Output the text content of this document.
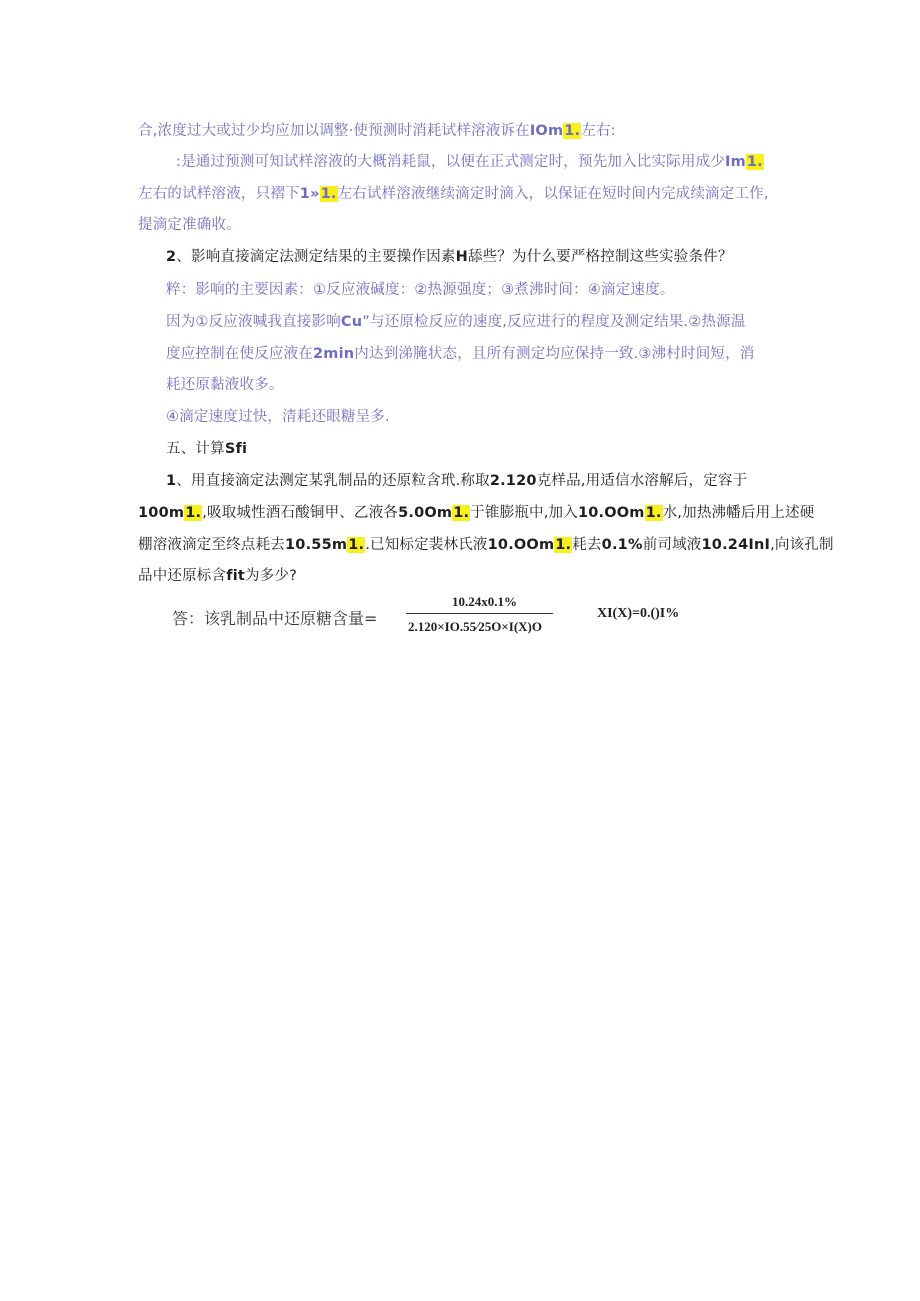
合,浓度过大或过少均应加以调整·使预测时消耗试样溶液诉在IOm1.左右:
:是通过预测可知试样溶液的大概消耗鼠，以便在正式测定时，预先加入比实际用成少Im1.
左右的试样溶液，只褶下1»1.左右试样溶液继续滴定时滴入，以保证在短时间内完成续滴定工作,
提滴定准确收。
2、影响直接滴定法测定结果的主要操作因素H舔些？为什么要严格控制这些实验条件？
粹：影响的主要因素：①反应液碱度：②热源强度；③煮沸时间：④滴定速度。
因为①反应液喊我直接影响Cu”与还原检反应的速度,反应进行的程度及测定结果.②热源温
度应控制在使反应液在2min内达到涕腌状态，且所有测定均应保持一致.③沸村时间短，消
耗还原黏液收多。
④滴定速度过快，清耗还眼糖呈多.
五、计算Sfi
1、用直接滴定法测定某乳制品的还原粒含玳.称取2.120克样品,用适信水溶解后，定容于
100m1.,吸取城性酒石酸铜甲、乙液各5.0Om1.于锥膨瓶中,加入10.OOm1.水,加热沸幡后用上述硬
棚溶液滴定至终点耗去10.55m1..已知标定裴林氏液10.OOm1.耗去0.1%前司域液10.24InI,向该孔制
品中还原标含fit为多少?
答：该乳制品中还原糖含量=
10.24x0.1%
2.120×IO.55⁄25O×I(X)O
XI(X)=0.()I%
